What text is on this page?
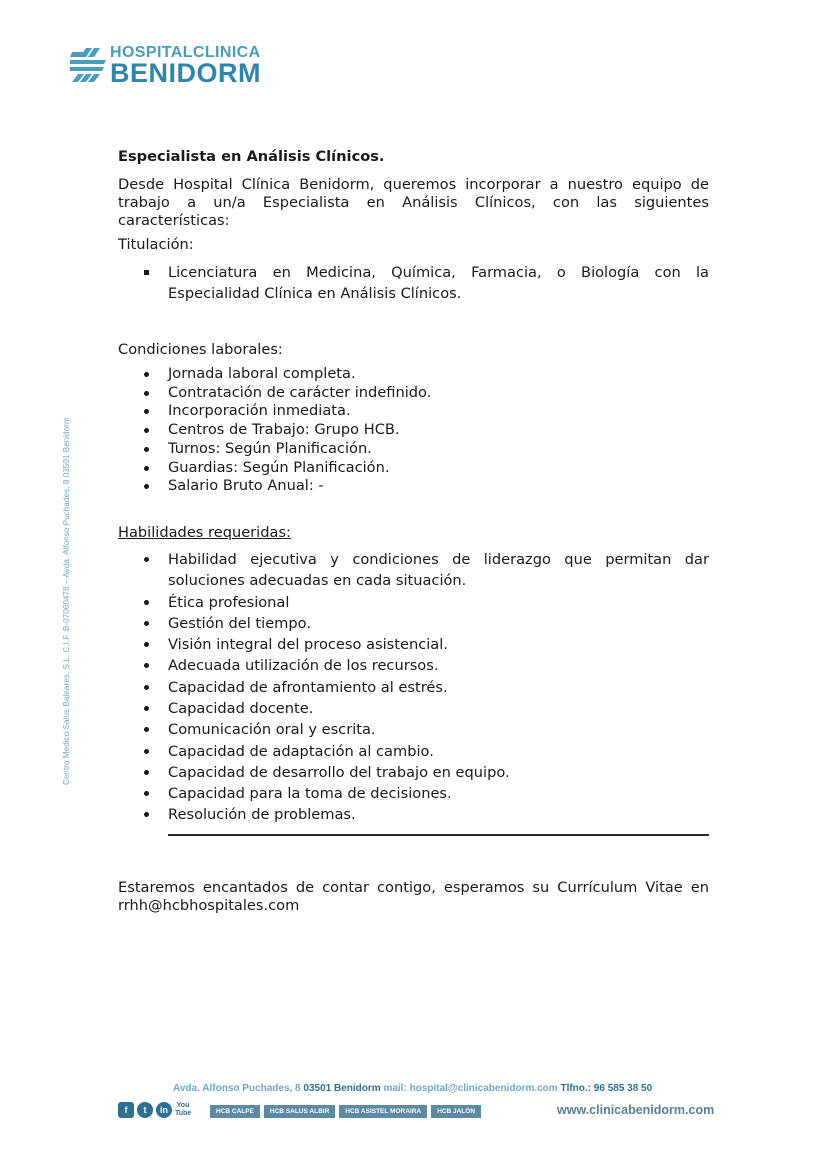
HOSPITALCLINICA
BENIDORM
Centro Medico Salus Baleares, S.L. C.I.F. B-07060478 – Avda. Alfonso Puchades, 8 03501 Benidorm

Especialista en Análisis Clínicos.

Desde Hospital Clínica Benidorm, queremos incorporar a nuestro equipo de trabajo a un/a Especialista en Análisis Clínicos, con las siguientes características:

Titulación:

Licenciatura en Medicina, Química, Farmacia, o Biología con la Especialidad Clínica en Análisis Clínicos.

Condiciones laborales:

Jornada laboral completa.
Contratación de carácter indefinido.
Incorporación inmediata.
Centros de Trabajo: Grupo HCB.
Turnos: Según Planificación.
Guardias: Según Planificación.
Salario Bruto Anual: -

Habilidades requeridas:

Habilidad ejecutiva y condiciones de liderazgo que permitan dar soluciones adecuadas en cada situación.
Ética profesional
Gestión del tiempo.
Visión integral del proceso asistencial.
Adecuada utilización de los recursos.
Capacidad de afrontamiento al estrés.
Capacidad docente.
Comunicación oral y escrita.
Capacidad de adaptación al cambio.
Capacidad de desarrollo del trabajo en equipo.
Capacidad para la toma de decisiones.
Resolución de problemas.

Estaremos encantados de contar contigo, esperamos su Currículum Vitae en rrhh@hcbhospitales.com

Avda. Alfonso Puchades, 8 03501 Benidorm mail: hospital@clinicabenidorm.com Tlfno.: 96 585 38 50
f	t	in	You Tube	HCB CALPE	HCB SALUS ALBIR	HCB ASISTEL MORAIRA	HCB JALÓN	www.clinicabenidorm.com
